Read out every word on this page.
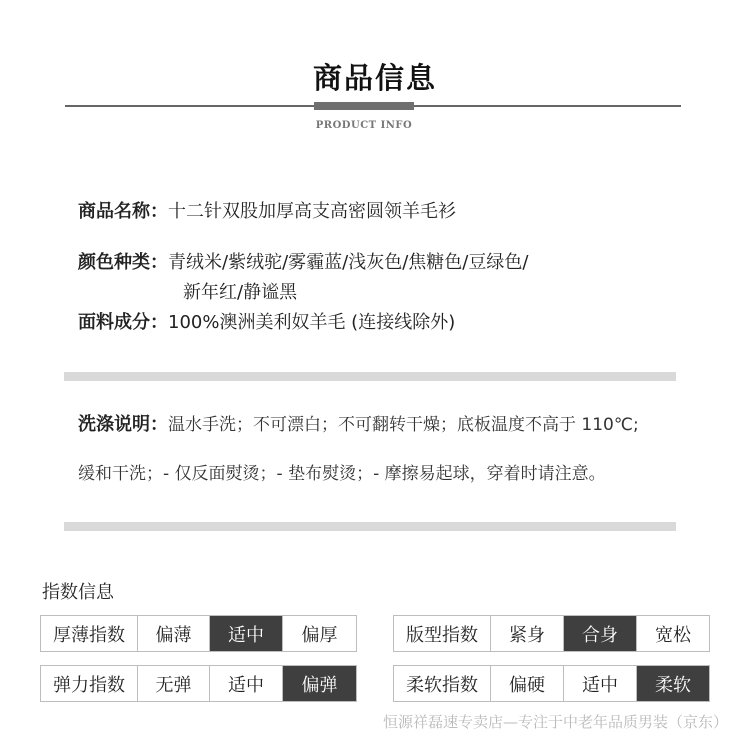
商品信息
PRODUCT INFO
商品名称：十二针双股加厚高支高密圆领羊毛衫
颜色种类：青绒米/紫绒驼/雾霾蓝/浅灰色/焦糖色/豆绿色/
新年红/静谧黑
面料成分：100%澳洲美利奴羊毛 (连接线除外)
洗涤说明：温水手洗；不可漂白；不可翻转干燥；底板温度不高于 110℃;
缓和干洗；- 仅反面熨烫；- 垫布熨烫；- 摩擦易起球，穿着时请注意。
指数信息
厚薄指数	偏薄	适中	偏厚	版型指数	紧身	合身	宽松
弹力指数	无弹	适中	偏弹	柔软指数	偏硬	适中	柔软
恒源祥磊速专卖店—专注于中老年品质男装（京东）
